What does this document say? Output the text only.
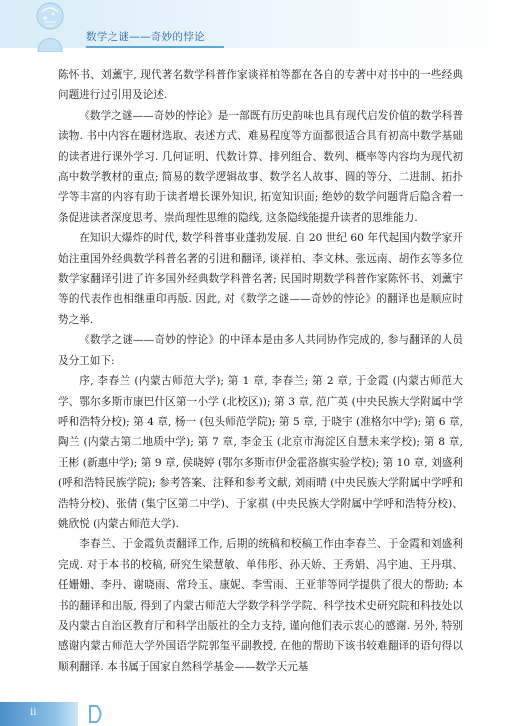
数学之谜——奇妙的悖论

陈怀书、刘薰宇, 现代著名数学科普作家谈祥柏等都在各自的专著中对书中的一些经典问题进行过引用及论述.

《数学之谜——奇妙的悖论》是一部既有历史韵味也具有现代启发价值的数学科普读物. 书中内容在题材选取、表述方式、难易程度等方面都很适合具有初高中数学基础的读者进行课外学习. 几何证明、代数计算、排列组合、数列、概率等内容均为现代初高中数学教材的重点; 简易的数学逻辑故事、数学名人故事、圆的等分、二进制、拓扑学等丰富的内容有助于读者增长课外知识, 拓宽知识面; 绝妙的数学问题背后隐含着一条促进读者深度思考、崇尚理性思维的隐线, 这条隐线能提升读者的思维能力.

在知识大爆炸的时代, 数学科普事业蓬勃发展. 自 20 世纪 60 年代起国内数学家开始注重国外经典数学科普名著的引进和翻译, 谈祥柏、李文林、张远南、胡作玄等多位数学家翻译引进了许多国外经典数学科普名著; 民国时期数学科普作家陈怀书、刘薰宇等的代表作也相继重印再版. 因此, 对《数学之谜——奇妙的悖论》的翻译也是顺应时势之举.

《数学之谜——奇妙的悖论》的中译本是由多人共同协作完成的, 参与翻译的人员及分工如下:

序, 李春兰 (内蒙古师范大学); 第 1 章, 李春兰; 第 2 章, 于金霞 (内蒙古师范大学、鄂尔多斯市康巴什区第一小学 (北校区)); 第 3 章, 范广英 (中央民族大学附属中学呼和浩特分校); 第 4 章, 杨一 (包头师范学院); 第 5 章, 于晓宇 (准格尔中学); 第 6 章, 陶兰 (内蒙古第二地质中学); 第 7 章, 李金玉 (北京市海淀区自慧未来学校); 第 8 章, 王彬 (新惠中学); 第 9 章, 侯晓婷 (鄂尔多斯市伊金霍洛旗实验学校); 第 10 章, 刘盛利 (呼和浩特民族学院); 参考答案、注释和参考文献, 刘雨晴 (中央民族大学附属中学呼和浩特分校)、张倩 (集宁区第二中学)、于家祺 (中央民族大学附属中学呼和浩特分校)、姚欣悦 (内蒙古师范大学).

李春兰、于金霞负责翻译工作, 后期的统稿和校稿工作由李春兰、于金霞和刘盛利完成. 对于本书的校稿, 研究生梁慧敏、单伟彤、孙天娇、王秀娟、冯宇迪、王丹琪、任姗姗、李丹、谢晓雨、常玲玉、康妮、李雪雨、王亚菲等同学提供了很大的帮助; 本书的翻译和出版, 得到了内蒙古师范大学数学科学学院、科学技术史研究院和科技处以及内蒙古自治区教育厅和科学出版社的全力支持, 谨向他们表示衷心的感谢. 另外, 特别感谢内蒙古师范大学外国语学院郭玺平副教授, 在他的帮助下该书较难翻译的语句得以顺利翻译. 本书属于国家自然科学基金——数学天元基

ii
